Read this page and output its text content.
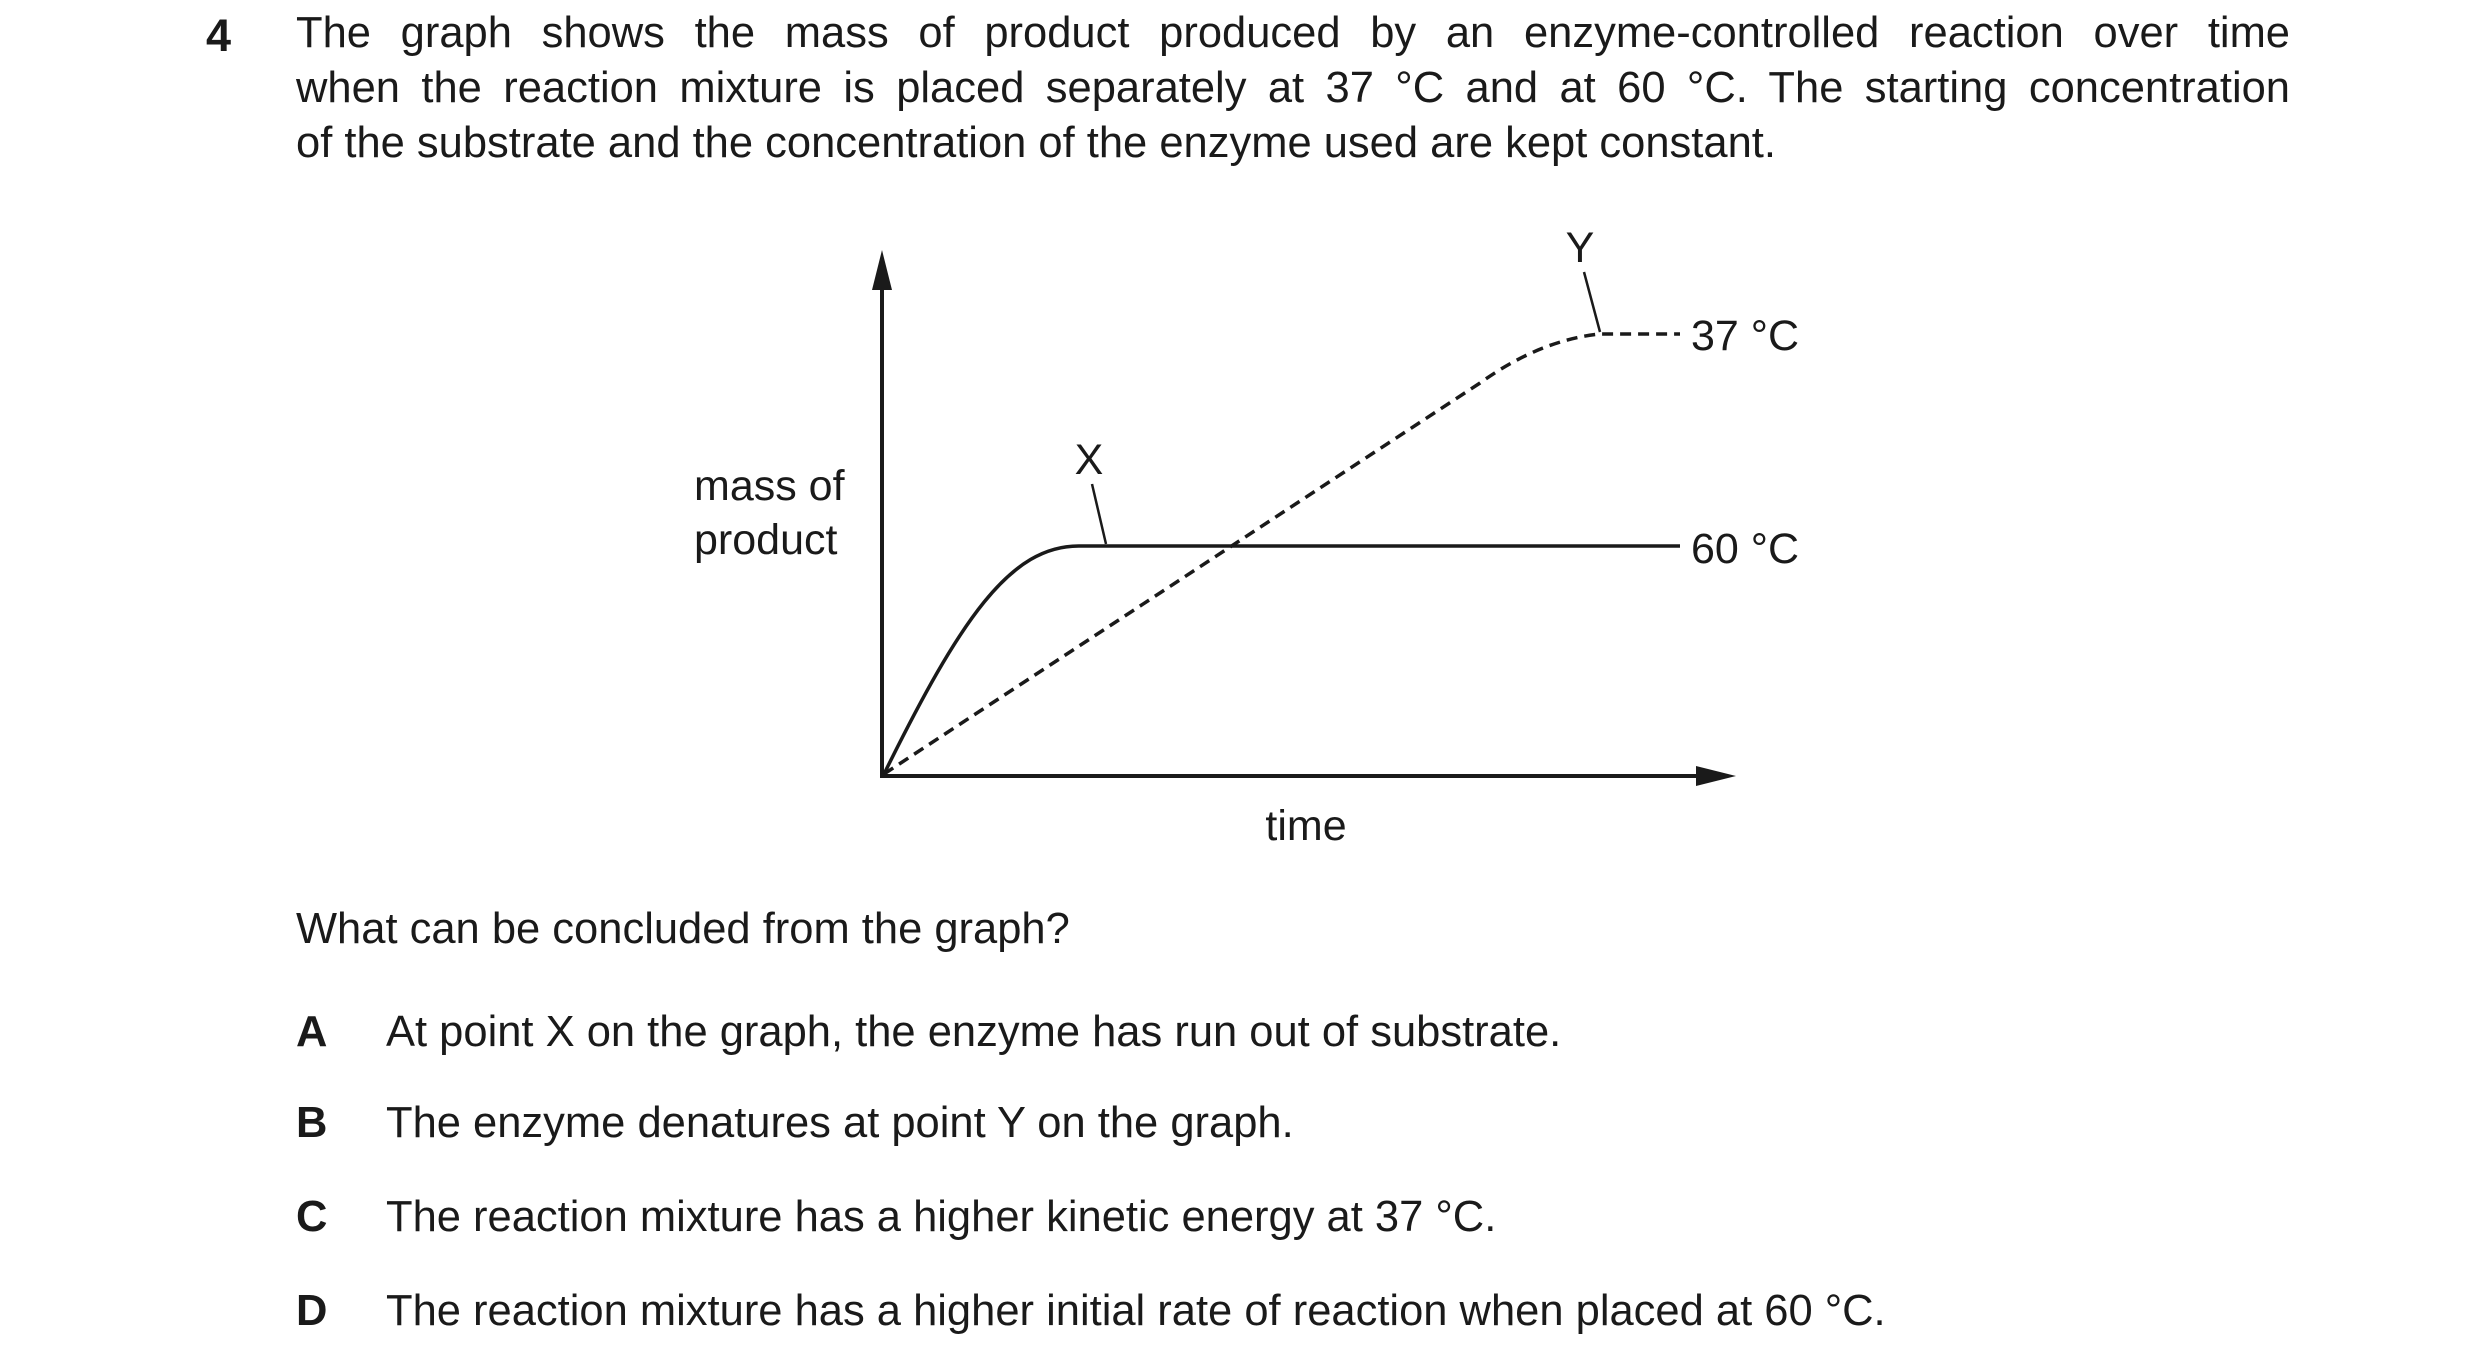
4 The graph shows the mass of product produced by an enzyme-controlled reaction over time
when the reaction mixture is placed separately at 37 °C and at 60 °C. The starting concentration
of the substrate and the concentration of the enzyme used are kept constant.

37 °C
60 °C
X
Y
mass of
product
time
What can be concluded from the graph?
A At point X on the graph, the enzyme has run out of substrate.
B The enzyme denatures at point Y on the graph.
C The reaction mixture has a higher kinetic energy at 37 °C.
D The reaction mixture has a higher initial rate of reaction when placed at 60 °C.
